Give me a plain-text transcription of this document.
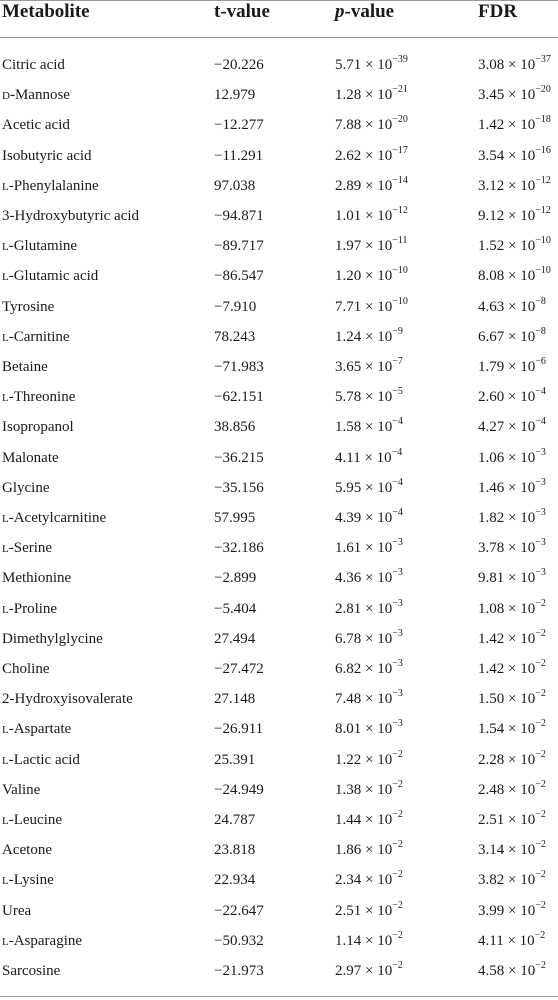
Metabolite	t-value	p-value	FDR
Citric acid	−20.226	$5.71 \times 10^{-39}$	$3.08 \times 10^{-37}$
d-Mannose	12.979	$1.28 \times 10^{-21}$	$3.45 \times 10^{-20}$
Acetic acid	−12.277	$7.88 \times 10^{-20}$	$1.42 \times 10^{-18}$
Isobutyric acid	−11.291	$2.62 \times 10^{-17}$	$3.54 \times 10^{-16}$
l-Phenylalanine	97.038	$2.89 \times 10^{-14}$	$3.12 \times 10^{-12}$
3-Hydroxybutyric acid	−94.871	$1.01 \times 10^{-12}$	$9.12 \times 10^{-12}$
l-Glutamine	−89.717	$1.97 \times 10^{-11}$	$1.52 \times 10^{-10}$
l-Glutamic acid	−86.547	$1.20 \times 10^{-10}$	$8.08 \times 10^{-10}$
Tyrosine	−7.910	$7.71 \times 10^{-10}$	$4.63 \times 10^{-8}$
l-Carnitine	78.243	$1.24 \times 10^{-9}$	$6.67 \times 10^{-8}$
Betaine	−71.983	$3.65 \times 10^{-7}$	$1.79 \times 10^{-6}$
l-Threonine	−62.151	$5.78 \times 10^{-5}$	$2.60 \times 10^{-4}$
Isopropanol	38.856	$1.58 \times 10^{-4}$	$4.27 \times 10^{-4}$
Malonate	−36.215	$4.11 \times 10^{-4}$	$1.06 \times 10^{-3}$
Glycine	−35.156	$5.95 \times 10^{-4}$	$1.46 \times 10^{-3}$
l-Acetylcarnitine	57.995	$4.39 \times 10^{-4}$	$1.82 \times 10^{-3}$
l-Serine	−32.186	$1.61 \times 10^{-3}$	$3.78 \times 10^{-3}$
Methionine	−2.899	$4.36 \times 10^{-3}$	$9.81 \times 10^{-3}$
l-Proline	−5.404	$2.81 \times 10^{-3}$	$1.08 \times 10^{-2}$
Dimethylglycine	27.494	$6.78 \times 10^{-3}$	$1.42 \times 10^{-2}$
Choline	−27.472	$6.82 \times 10^{-3}$	$1.42 \times 10^{-2}$
2-Hydroxyisovalerate	27.148	$7.48 \times 10^{-3}$	$1.50 \times 10^{-2}$
l-Aspartate	−26.911	$8.01 \times 10^{-3}$	$1.54 \times 10^{-2}$
l-Lactic acid	25.391	$1.22 \times 10^{-2}$	$2.28 \times 10^{-2}$
Valine	−24.949	$1.38 \times 10^{-2}$	$2.48 \times 10^{-2}$
l-Leucine	24.787	$1.44 \times 10^{-2}$	$2.51 \times 10^{-2}$
Acetone	23.818	$1.86 \times 10^{-2}$	$3.14 \times 10^{-2}$
l-Lysine	22.934	$2.34 \times 10^{-2}$	$3.82 \times 10^{-2}$
Urea	−22.647	$2.51 \times 10^{-2}$	$3.99 \times 10^{-2}$
l-Asparagine	−50.932	$1.14 \times 10^{-2}$	$4.11 \times 10^{-2}$
Sarcosine	−21.973	$2.97 \times 10^{-2}$	$4.58 \times 10^{-2}$
